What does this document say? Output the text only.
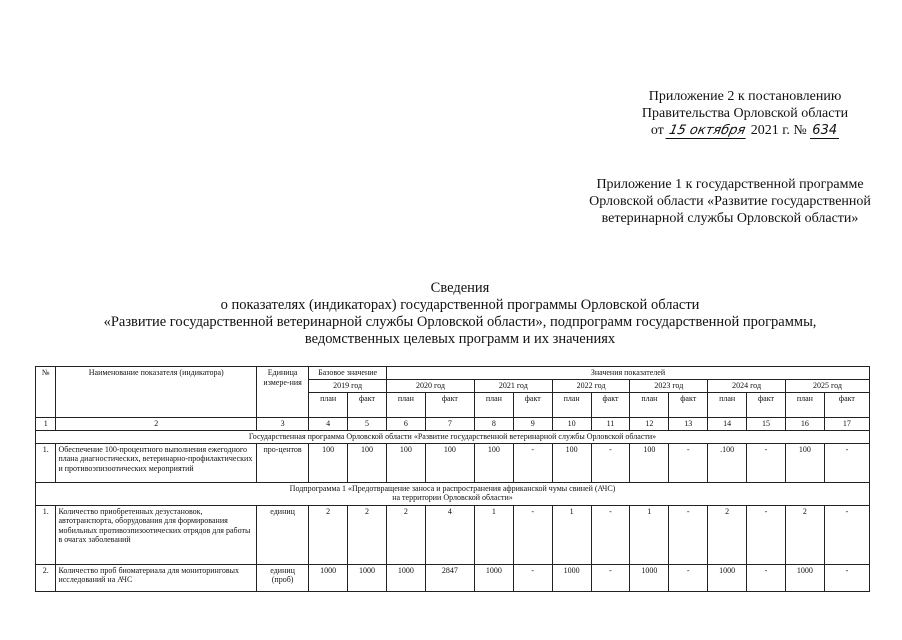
Приложение 2 к постановлению
Правительства Орловской области
от 15 октября 2021 г. № 634
Приложение 1 к государственной программе
Орловской области «Развитие государственной
ветеринарной службы Орловской области»
Сведения
о показателях (индикаторах) государственной программы Орловской области
«Развитие государственной ветеринарной службы Орловской области», подпрограмм государственной программы,
ведомственных целевых программ и их значениях
№	Наименование показателя (индикатора)	Единица измере-ния	Базовое значение		Значения показателей											
			2019 год		2020 год		2021 год		2022 год		2023 год		2024 год		2025 год	
			план	факт	план	факт	план	факт	план	факт	план	факт	план	факт	план	факт
1	2	3	4	5	6	7	8	9	10	11	12	13	14	15	16	17
Государственная программа Орловской области «Развитие государственной ветеринарной службы Орловской области»																
1.	Обеспечение 100-процентного выполнения ежегодного плана диагностических, ветеринарно-профилактических и противоэпизоотических мероприятий	про-центов	100	100	100	100	100	-	100	-	100	-	.100	-	100	-

Подпрограмма 1 «Предотвращение заноса и распространения африканской чумы свиней (АЧС)
на территории Орловской области»																

1.	Количество приобретенных дезустановок, автотранспорта, оборудования для формирования мобильных противоэпизоотических отрядов для работы в очагах заболеваний	единиц	2	2	2	4	1	-	1	-	1	-	2	-	2	-
2.	Количество проб биоматериала для мониторинговых исследований на АЧС	единиц (проб)	1000	1000	1000	2847	1000	-	1000	-	1000	-	1000	-	1000	-
